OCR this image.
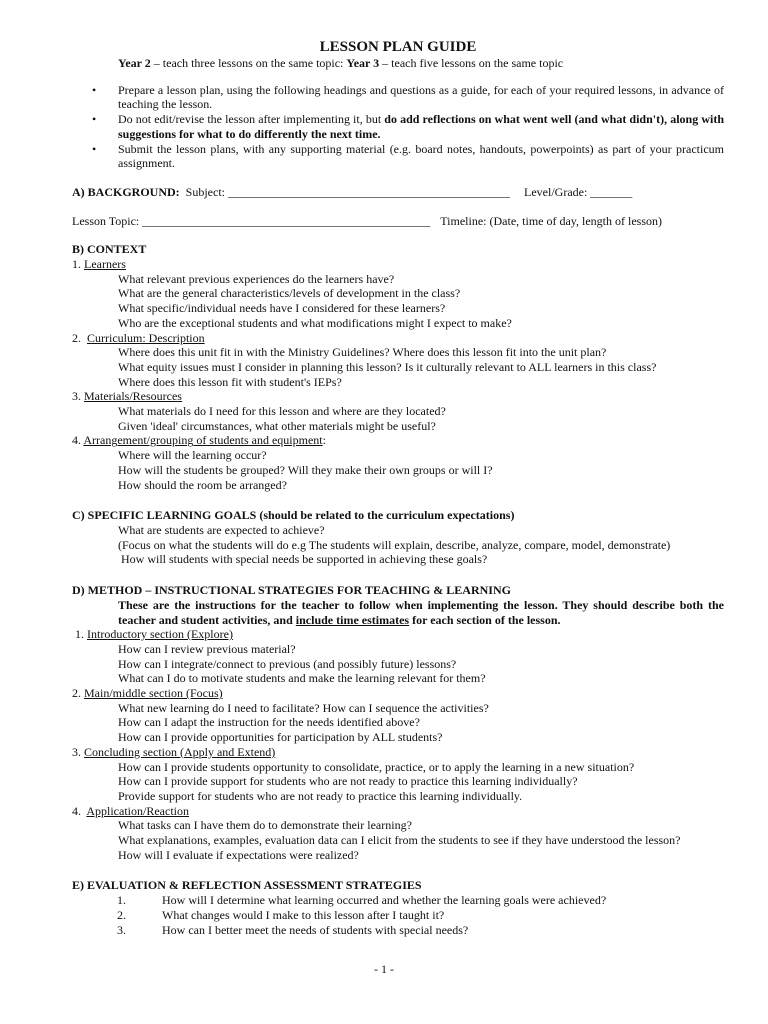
LESSON PLAN GUIDE

Year 2 – teach three lessons on the same topic: Year 3 – teach five lessons on the same topic

• Prepare a lesson plan, using the following headings and questions as a guide, for each of your required lessons, in advance of teaching the lesson.
• Do not edit/revise the lesson after implementing it, but do add reflections on what went well (and what didn't), along with suggestions for what to do differently the next time.
• Submit the lesson plans, with any supporting material (e.g. board notes, handouts, powerpoints) as part of your practicum assignment.
A) BACKGROUND: Subject: _______________________________________________ Level/Grade: _______
Lesson Topic: ________________________________________________ Timeline: (Date, time of day, length of lesson)
B) CONTEXT

1. Learners

What relevant previous experiences do the learners have?

What are the general characteristics/levels of development in the class?

What specific/individual needs have I considered for these learners?

Who are the exceptional students and what modifications might I expect to make?

2.  Curriculum: Description

Where does this unit fit in with the Ministry Guidelines? Where does this lesson fit into the unit plan?

What equity issues must I consider in planning this lesson? Is it culturally relevant to ALL learners in this class?

Where does this lesson fit with student's IEPs?

3. Materials/Resources

What materials do I need for this lesson and where are they located?

Given 'ideal' circumstances, what other materials might be useful?

4. Arrangement/grouping of students and equipment:

Where will the learning occur?

How will the students be grouped? Will they make their own groups or will I?

How should the room be arranged?

C) SPECIFIC LEARNING GOALS (should be related to the curriculum expectations)

What are students are expected to achieve?

(Focus on what the students will do e.g The students will explain, describe, analyze, compare, model, demonstrate)

How will students with special needs be supported in achieving these goals?

D) METHOD – INSTRUCTIONAL STRATEGIES FOR TEACHING & LEARNING

These are the instructions for the teacher to follow when implementing the lesson. They should describe both the teacher and student activities, and include time estimates for each section of the lesson.

1. Introductory section (Explore)

How can I review previous material?

How can I integrate/connect to previous (and possibly future) lessons?

What can I do to motivate students and make the learning relevant for them?

2. Main/middle section (Focus)

What new learning do I need to facilitate? How can I sequence the activities?

How can I adapt the instruction for the needs identified above?

How can I provide opportunities for participation by ALL students?

3. Concluding section (Apply and Extend)

How can I provide students opportunity to consolidate, practice, or to apply the learning in a new situation?

How can I provide support for students who are not ready to practice this learning individually?

Provide support for students who are not ready to practice this learning individually.

4.  Application/Reaction

What tasks can I have them do to demonstrate their learning?

What explanations, examples, evaluation data can I elicit from the students to see if they have understood the lesson?

How will I evaluate if expectations were realized?

E) EVALUATION & REFLECTION ASSESSMENT STRATEGIES
1.	How will I determine what learning occurred and whether the learning goals were achieved?
2.	What changes would I make to this lesson after I taught it?
3.	How can I better meet the needs of students with special needs?
- 1 -
